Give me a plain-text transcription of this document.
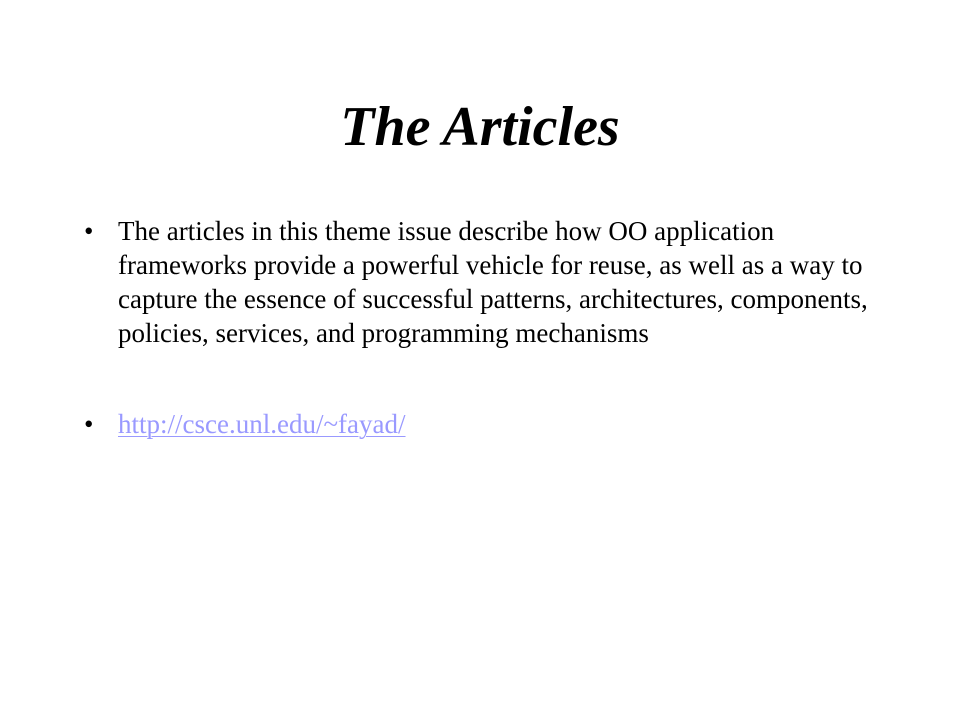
The Articles
• The articles in this theme issue describe how OO application frameworks provide a powerful vehicle for reuse, as well as a way to capture the essence of successful patterns, architectures, components, policies, services, and programming mechanisms
• http://csce.unl.edu/~fayad/
